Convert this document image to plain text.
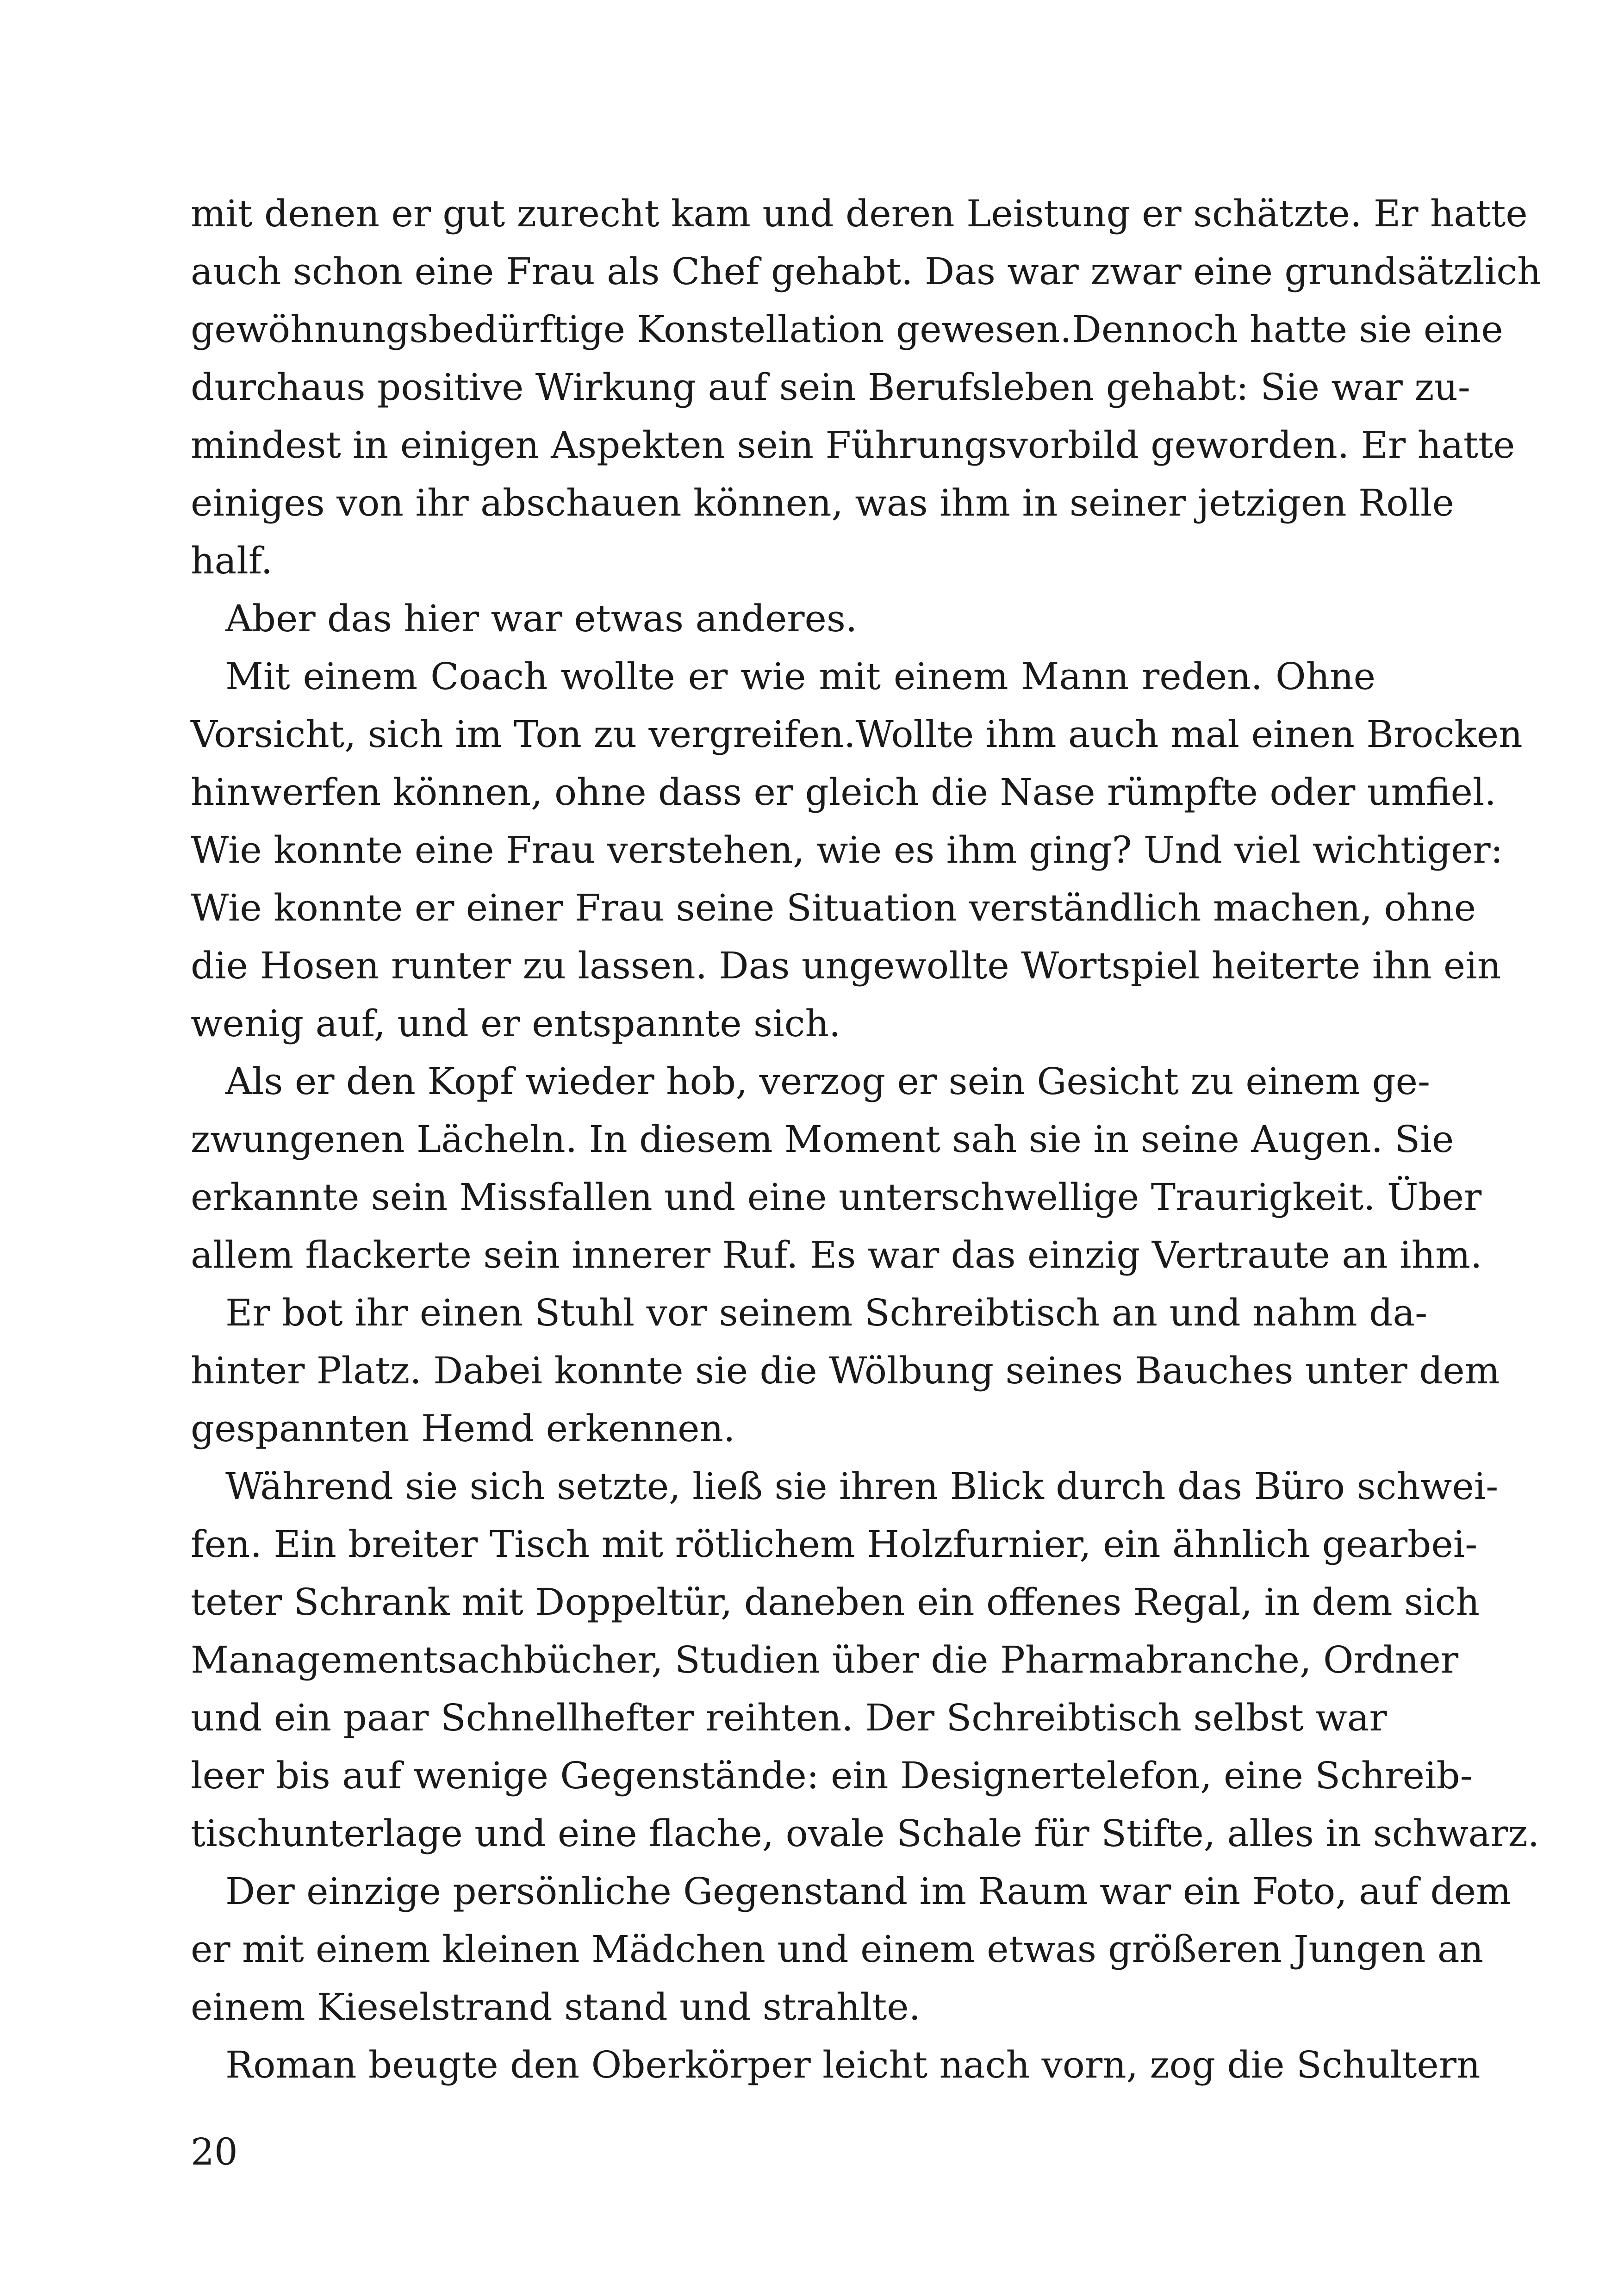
mit denen er gut zurecht kam und deren Leistung er schätzte. Er hatte
auch schon eine Frau als Chef gehabt. Das war zwar eine grundsätzlich
gewöhnungsbedürftige Konstellation gewesen.Dennoch hatte sie eine
durchaus positive Wirkung auf sein Berufsleben gehabt: Sie war zu-
mindest in einigen Aspekten sein Führungsvorbild geworden. Er hatte
einiges von ihr abschauen können, was ihm in seiner jetzigen Rolle
half.
Aber das hier war etwas anderes.
Mit einem Coach wollte er wie mit einem Mann reden. Ohne
Vorsicht, sich im Ton zu vergreifen.Wollte ihm auch mal einen Brocken
hinwerfen können, ohne dass er gleich die Nase rümpfte oder umfiel.
Wie konnte eine Frau verstehen, wie es ihm ging? Und viel wichtiger:
Wie konnte er einer Frau seine Situation verständlich machen, ohne
die Hosen runter zu lassen. Das ungewollte Wortspiel heiterte ihn ein
wenig auf, und er entspannte sich.
Als er den Kopf wieder hob, verzog er sein Gesicht zu einem ge-
zwungenen Lächeln. In diesem Moment sah sie in seine Augen. Sie
erkannte sein Missfallen und eine unterschwellige Traurigkeit. Über
allem flackerte sein innerer Ruf. Es war das einzig Vertraute an ihm.
Er bot ihr einen Stuhl vor seinem Schreibtisch an und nahm da-
hinter Platz. Dabei konnte sie die Wölbung seines Bauches unter dem
gespannten Hemd erkennen.
Während sie sich setzte, ließ sie ihren Blick durch das Büro schwei-
fen. Ein breiter Tisch mit rötlichem Holzfurnier, ein ähnlich gearbei-
teter Schrank mit Doppeltür, daneben ein offenes Regal, in dem sich
Managementsachbücher, Studien über die Pharmabranche, Ordner
und ein paar Schnellhefter reihten. Der Schreibtisch selbst war
leer bis auf wenige Gegenstände: ein Designertelefon, eine Schreib-
tischunterlage und eine flache, ovale Schale für Stifte, alles in schwarz.
Der einzige persönliche Gegenstand im Raum war ein Foto, auf dem
er mit einem kleinen Mädchen und einem etwas größeren Jungen an
einem Kieselstrand stand und strahlte.
Roman beugte den Oberkörper leicht nach vorn, zog die Schultern
20
